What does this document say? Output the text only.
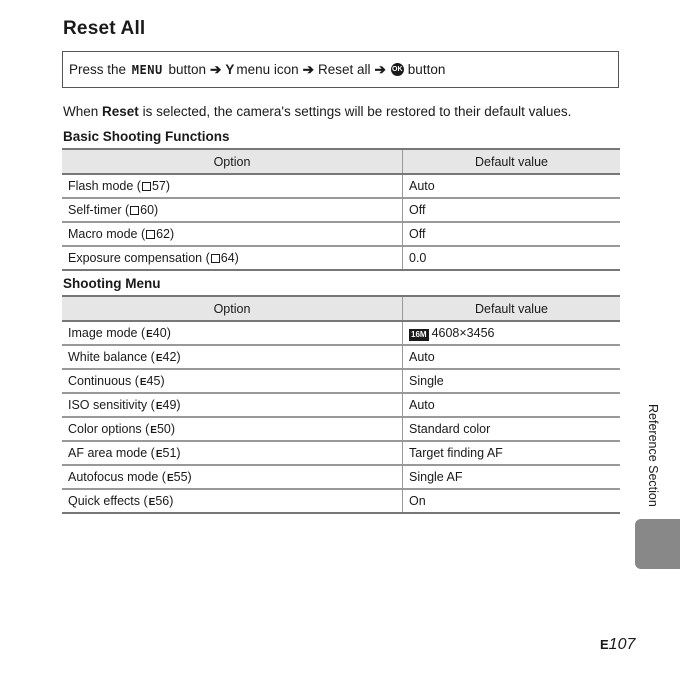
Reset All
Press the
MENU
button ➔ Y menu icon ➔ Reset all ➔ OK button
When Reset is selected, the camera's settings will be restored to their default values.
Basic Shooting Functions
Option	Default value
Flash mode ( 57)	Auto
Self-timer ( 60)	Off
Macro mode ( 62)	Off
Exposure compensation ( 64)	0.0
Shooting Menu
Option	Default value
Image mode (E40)	16M 4608×3456
White balance (E42)	Auto
Continuous (E45)	Single
ISO sensitivity (E49)	Auto
Color options (E50)	Standard color
AF area mode (E51)	Target finding AF
Autofocus mode (E55)	Single AF
Quick effects (E56)	On	Reference Section
E107
